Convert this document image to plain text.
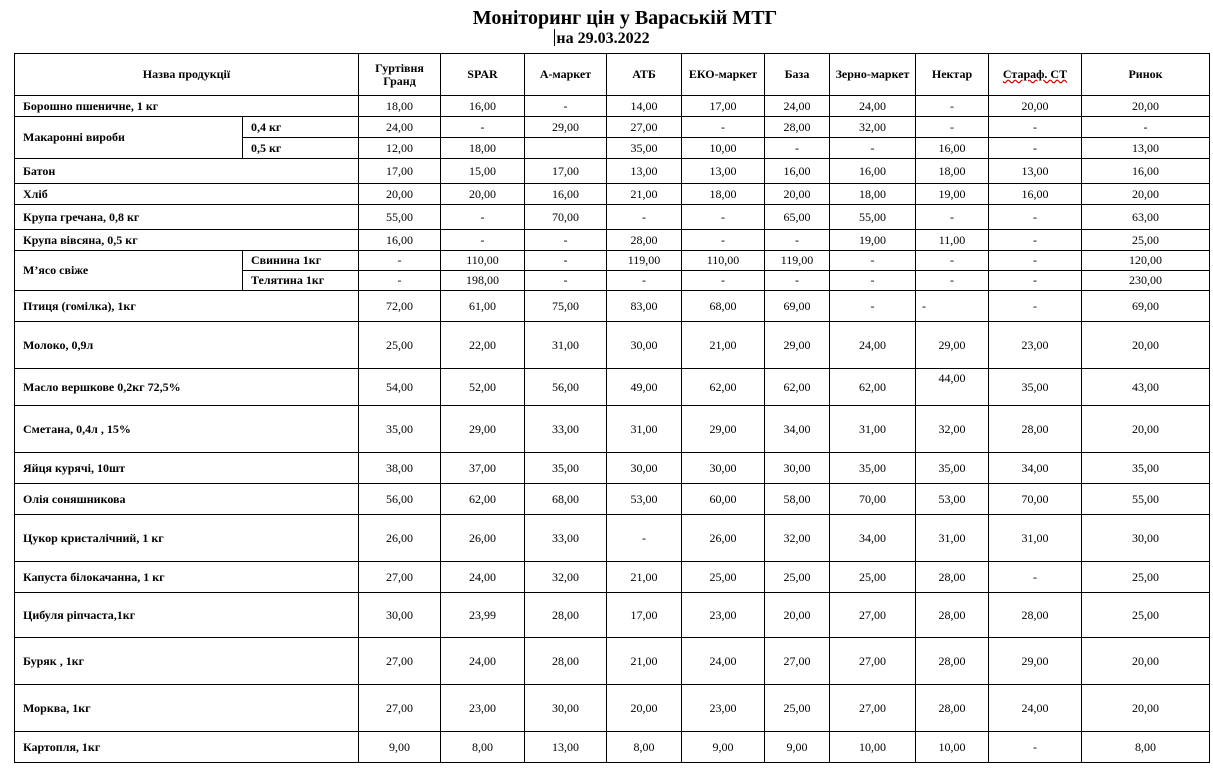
Моніторинг цін у Вараській МТГ
на 29.03.2022
Назва продукції		Гуртівня Гранд	SPAR	А-маркет	АТБ	ЕКО-маркет	База	Зерно-маркет	Нектар	Стараф. СТ	Ринок
Борошно пшеничне, 1 кг		18,00	16,00	-	14,00	17,00	24,00	24,00	-	20,00	20,00
Макаронні вироби	0,4 кг	24,00	-	29,00	27,00	-	28,00	32,00	-	-	-
	0,5 кг	12,00	18,00		35,00	10,00	-	-	16,00	-	13,00
Батон		17,00	15,00	17,00	13,00	13,00	16,00	16,00	18,00	13,00	16,00
Хліб		20,00	20,00	16,00	21,00	18,00	20,00	18,00	19,00	16,00	20,00
Крупа гречана, 0,8 кг		55,00	-	70,00	-	-	65,00	55,00	-	-	63,00
Крупа вівсяна, 0,5 кг		16,00	-	-	28,00	-	-	19,00	11,00	-	25,00
М’ясо свіже	Свинина 1кг	-	110,00	-	119,00	110,00	119,00	-	-	-	120,00
	Телятина 1кг	-	198,00	-	-	-	-	-	-	-	230,00
Птиця (гомілка), 1кг		72,00	61,00	75,00	83,00	68,00	69,00	-	-	-	69,00
Молоко, 0,9л		25,00	22,00	31,00	30,00	21,00	29,00	24,00	29,00	23,00	20,00
Масло вершкове 0,2кг 72,5%		54,00	52,00	56,00	49,00	62,00	62,00	62,00	44,00	35,00	43,00
Сметана, 0,4л , 15%		35,00	29,00	33,00	31,00	29,00	34,00	31,00	32,00	28,00	20,00
Яйця курячі, 10шт		38,00	37,00	35,00	30,00	30,00	30,00	35,00	35,00	34,00	35,00
Олія соняшникова		56,00	62,00	68,00	53,00	60,00	58,00	70,00	53,00	70,00	55,00
Цукор кристалічний, 1 кг		26,00	26,00	33,00	-	26,00	32,00	34,00	31,00	31,00	30,00
Капуста білокачанна, 1 кг		27,00	24,00	32,00	21,00	25,00	25,00	25,00	28,00	-	25,00
Цибуля ріпчаста,1кг		30,00	23,99	28,00	17,00	23,00	20,00	27,00	28,00	28,00	25,00
Буряк , 1кг		27,00	24,00	28,00	21,00	24,00	27,00	27,00	28,00	29,00	20,00
Морква, 1кг		27,00	23,00	30,00	20,00	23,00	25,00	27,00	28,00	24,00	20,00
Картопля, 1кг		9,00	8,00	13,00	8,00	9,00	9,00	10,00	10,00	-	8,00
